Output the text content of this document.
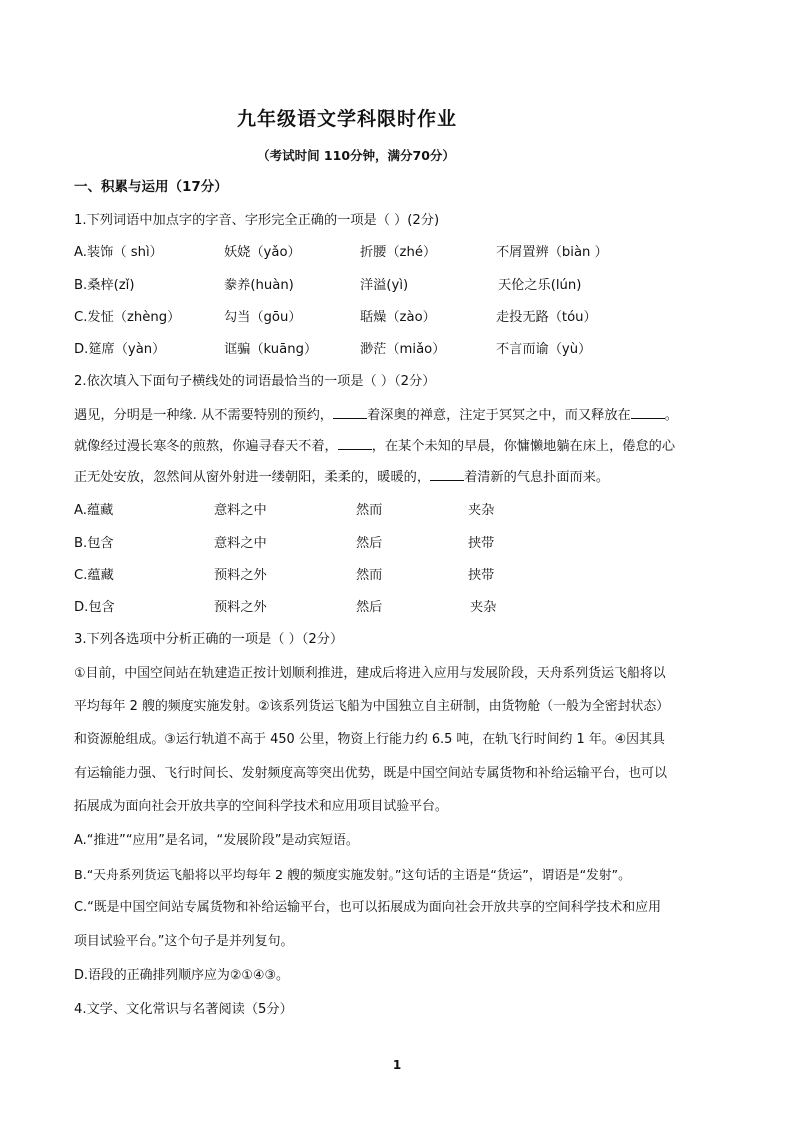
九年级语文学科限时作业
（考试时间 110分钟，满分70分）
一、积累与运用（17分）
1.下列词语中加点字的字音、字形完全正确的一项是（ ）(2分)
A.装饰（ shì）	妖娆（yǎo）	折腰（zhé）	不屑置辨（biàn ）
B.桑梓(zǐ)	豢养(huàn)	洋溢(yì)	天伦之乐(lún)
C.发怔（zhèng）	勾当（gōu）	聒燥（zào）	走投无路（tóu）
D.筵席（yàn）	诓骗（kuāng）	渺茫（miǎo）	不言而谕（yù）
2.依次填入下面句子横线处的词语最恰当的一项是（ ）（2分）
遇见，分明是一种缘. 从不需要特别的预约，	着深奥的禅意，注定于冥冥之中，而又释放在	。
就像经过漫长寒冬的煎熬，你遍寻春天不着，	，在某个未知的早晨，你慵懒地躺在床上，倦怠的心
正无处安放，忽然间从窗外射进一缕朝阳，柔柔的，暖暖的，	着清新的气息扑面而来。
A.蕴藏	意料之中	然而	夹杂
B.包含	意料之中	然后	挟带
C.蕴藏	预料之外	然而	挟带
D.包含	预料之外	然后	夹杂
3.下列各选项中分析正确的一项是（ ）（2分）
①目前，中国空间站在轨建造正按计划顺利推进，建成后将进入应用与发展阶段，天舟系列货运飞船将以
平均每年 2 艘的频度实施发射。②该系列货运飞船为中国独立自主研制，由货物舱（一般为全密封状态）
和资源舱组成。③运行轨道不高于 450 公里，物资上行能力约 6.5 吨，在轨飞行时间约 1 年。④因其具
有运输能力强、飞行时间长、发射频度高等突出优势，既是中国空间站专属货物和补给运输平台，也可以
拓展成为面向社会开放共享的空间科学技术和应用项目试验平台。
A.“推进”“应用”是名词，“发展阶段”是动宾短语。
B.“天舟系列货运飞船将以平均每年 2 艘的频度实施发射。”这句话的主语是“货运”，谓语是“发射”。
C.“既是中国空间站专属货物和补给运输平台，也可以拓展成为面向社会开放共享的空间科学技术和应用
项目试验平台。”这个句子是并列复句。
D.语段的正确排列顺序应为②①④③。
4.文学、文化常识与名著阅读（5分）
1
